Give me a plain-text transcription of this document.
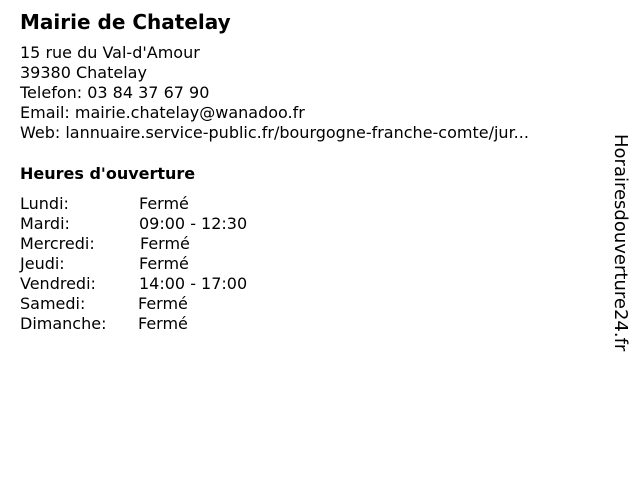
Mairie de Chatelay
15 rue du Val-d'Amour
39380 Chatelay
Telefon: 03 84 37 67 90
Email: mairie.chatelay@wanadoo.fr
Web: lannuaire.service-public.fr/bourgogne-franche-comte/jur...
Heures d'ouverture
Lundi:	Fermé
Mardi:	09:00 - 12:30
Mercredi:	Fermé
Jeudi:	Fermé
Vendredi:	14:00 - 17:00
Samedi:	Fermé
Dimanche: Fermé	Horairesdouverture24.fr
